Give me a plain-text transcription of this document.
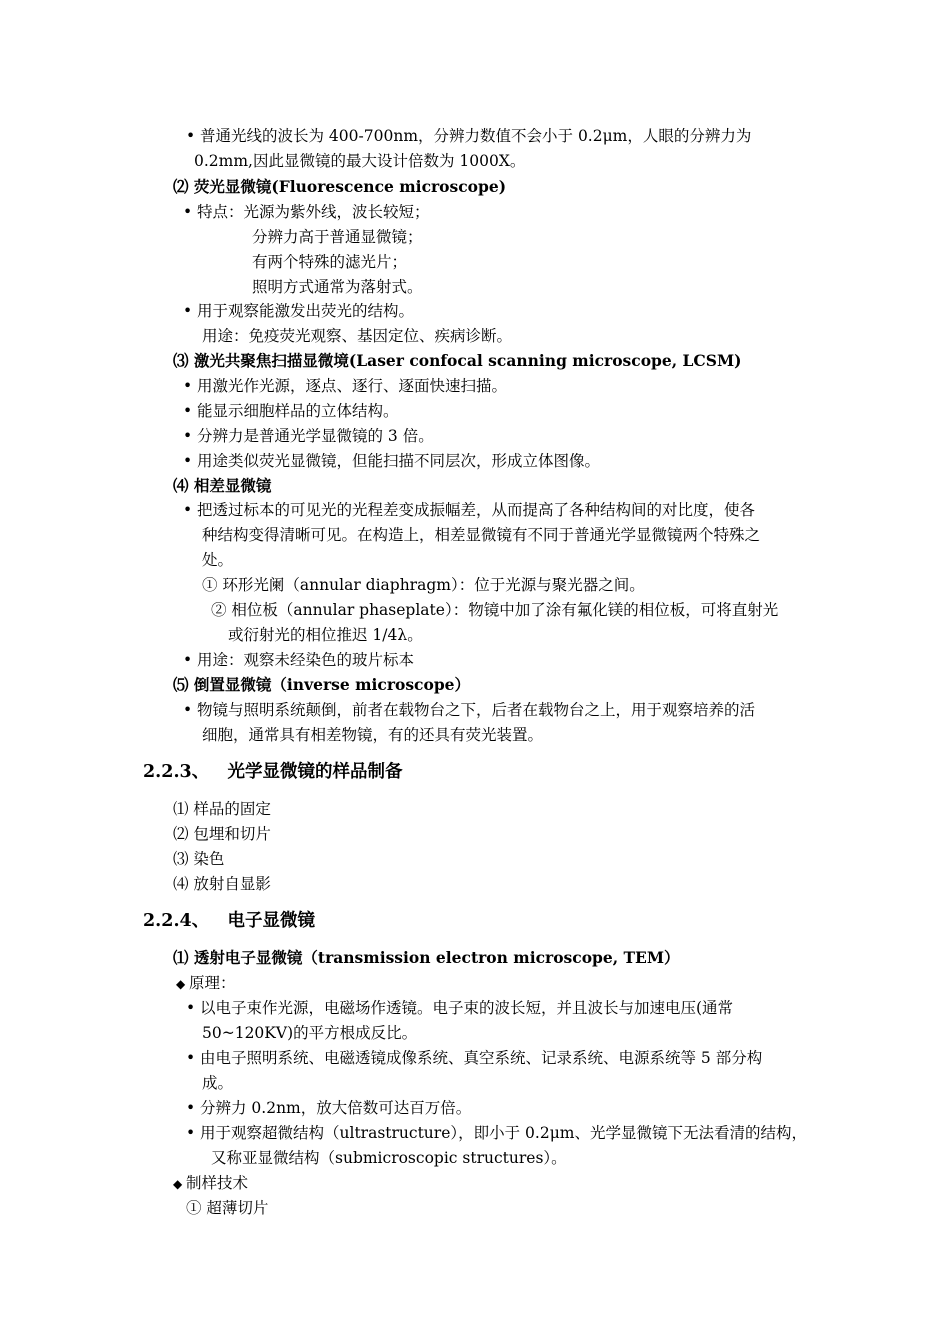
• 普通光线的波长为 400-700nm，分辨力数值不会小于 0.2μm，人眼的分辨力为
0.2mm,因此显微镜的最大设计倍数为 1000X。
⑵ 荧光显微镜(Fluorescence microscope)
• 特点：光源为紫外线，波长较短；
分辨力高于普通显微镜；
有两个特殊的滤光片；
照明方式通常为落射式。
• 用于观察能激发出荧光的结构。
用途：免疫荧光观察、基因定位、疾病诊断。
⑶ 激光共聚焦扫描显微境(Laser confocal scanning microscope, LCSM)
• 用激光作光源，逐点、逐行、逐面快速扫描。
• 能显示细胞样品的立体结构。
• 分辨力是普通光学显微镜的 3 倍。
• 用途类似荧光显微镜，但能扫描不同层次，形成立体图像。
⑷ 相差显微镜
• 把透过标本的可见光的光程差变成振幅差，从而提高了各种结构间的对比度，使各
种结构变得清晰可见。在构造上，相差显微镜有不同于普通光学显微镜两个特殊之
处。
① 环形光阑（annular diaphragm）：位于光源与聚光器之间。
② 相位板（annular phaseplate）：物镜中加了涂有氟化镁的相位板，可将直射光
或衍射光的相位推迟 1/4λ。
• 用途：观察未经染色的玻片标本
⑸ 倒置显微镜（inverse microscope）
• 物镜与照明系统颠倒，前者在载物台之下，后者在载物台之上，用于观察培养的活
细胞，通常具有相差物镜，有的还具有荧光装置。
2.2.3、   光学显微镜的样品制备
⑴ 样品的固定
⑵ 包埋和切片
⑶ 染色
⑷ 放射自显影
2.2.4、   电子显微镜
⑴ 透射电子显微镜（transmission electron microscope, TEM）
◆ 原理：
• 以电子束作光源，电磁场作透镜。电子束的波长短，并且波长与加速电压(通常
50~120KV)的平方根成反比。
• 由电子照明系统、电磁透镜成像系统、真空系统、记录系统、电源系统等 5 部分构
成。
• 分辨力 0.2nm，放大倍数可达百万倍。
• 用于观察超微结构（ultrastructure），即小于 0.2μm、光学显微镜下无法看清的结构，
又称亚显微结构（submicroscopic structures）。
◆ 制样技术
① 超薄切片
